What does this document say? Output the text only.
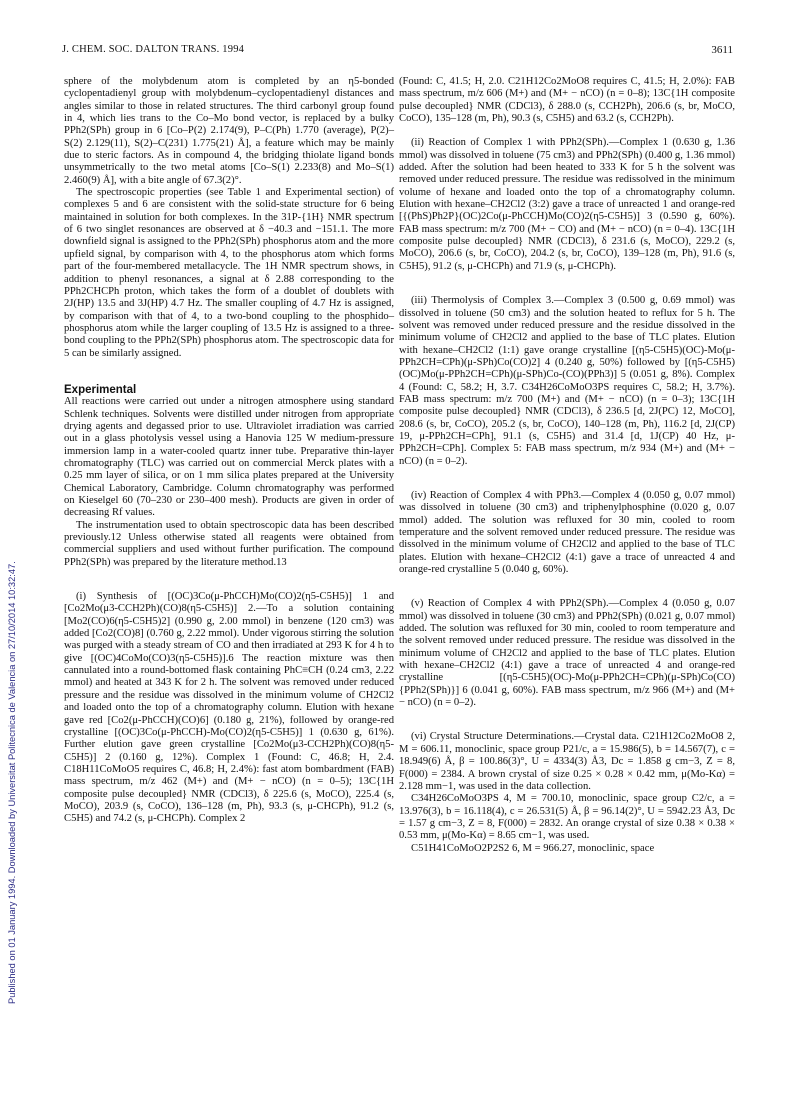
J. CHEM. SOC. DALTON TRANS. 1994	3611
Published on 01 January 1994. Downloaded by Universitat Politecnica de Valencia on 27/10/2014 10:32:47.

sphere of the molybdenum atom is completed by an η5-bonded cyclopentadienyl group with molybdenum–cyclopentadienyl distances and angles similar to those in related structures. The third carbonyl group found in 4, which lies trans to the Co–Mo bond vector, is replaced by a bulky PPh2(SPh) group in 6 [Co–P(2) 2.174(9), P–C(Ph) 1.770 (average), P(2)–S(2) 2.129(11), S(2)–C(231) 1.775(21) Å], a feature which may be mainly due to steric factors. As in compound 4, the bridging thiolate ligand bonds unsymmetrically to the two metal atoms [Co–S(1) 2.233(8) and Mo–S(1) 2.460(9) Å], with a bite angle of 67.3(2)°.

The spectroscopic properties (see Table 1 and Experimental section) of complexes 5 and 6 are consistent with the solid-state structure for 6 being maintained in solution for both complexes. In the 31P-{1H} NMR spectrum of 6 two singlet resonances are observed at δ −40.3 and −151.1. The more downfield signal is assigned to the PPh2(SPh) phosphorus atom and the more upfield signal, by comparison with 4, to the phosphorus atom which forms part of the four-membered metallacycle. The 1H NMR spectrum shows, in addition to phenyl resonances, a signal at δ 2.88 corresponding to the PPh2CHCPh proton, which takes the form of a doublet of doublets with 2J(HP) 13.5 and 3J(HP) 4.7 Hz. The smaller coupling of 4.7 Hz is assigned, by comparison with that of 4, to a two-bond coupling to the phosphido–phosphorus atom while the larger coupling of 13.5 Hz is assigned to a three-bond coupling to the PPh2(SPh) phosphorus atom. The spectroscopic data for 5 can be similarly assigned.

Experimental

All reactions were carried out under a nitrogen atmosphere using standard Schlenk techniques. Solvents were distilled under nitrogen from appropriate drying agents and degassed prior to use. Ultraviolet irradiation was carried out in a glass photolysis vessel using a Hanovia 125 W medium-pressure immersion lamp in a water-cooled quartz inner tube. Preparative thin-layer chromatography (TLC) was carried out on commercial Merck plates with a 0.25 mm layer of silica, or on 1 mm silica plates prepared at the University Chemical Laboratory, Cambridge. Column chromatography was performed on Kieselgel 60 (70–230 or 230–400 mesh). Products are given in order of decreasing Rf values.

The instrumentation used to obtain spectroscopic data has been described previously.12 Unless otherwise stated all reagents were obtained from commercial suppliers and used without further purification. The compound PPh2(SPh) was prepared by the literature method.13

(i) Synthesis of [(OC)3Co(μ-PhCCH)Mo(CO)2(η5-C5H5)] 1 and [Co2Mo(μ3-CCH2Ph)(CO)8(η5-C5H5)] 2.—To a solution containing [Mo2(CO)6(η5-C5H5)2] (0.990 g, 2.00 mmol) in benzene (120 cm3) was added [Co2(CO)8] (0.760 g, 2.22 mmol). Under vigorous stirring the solution was purged with a steady stream of CO and then irradiated at 293 K for 4 h to give [(OC)4CoMo(CO)3(η5-C5H5)].6 The reaction mixture was then cannulated into a round-bottomed flask containing PhC≡CH (0.24 cm3, 2.22 mmol) and heated at 343 K for 2 h. The solvent was removed under reduced pressure and the residue was dissolved in the minimum volume of CH2Cl2 and loaded onto the top of a chromatography column. Elution with hexane gave red [Co2(μ-PhCCH)(CO)6] (0.180 g, 21%), followed by orange-red crystalline [(OC)3Co(μ-PhCCH)-Mo(CO)2(η5-C5H5)] 1 (0.630 g, 61%). Further elution gave green crystalline [Co2Mo(μ3-CCH2Ph)(CO)8(η5-C5H5)] 2 (0.160 g, 12%). Complex 1 (Found: C, 46.8; H, 2.4. C18H11CoMoO5 requires C, 46.8; H, 2.4%): fast atom bombardment (FAB) mass spectrum, m/z 462 (M+) and (M+ − nCO) (n = 0–5); 13C{1H composite pulse decoupled} NMR (CDCl3), δ 225.6 (s, MoCO), 225.4 (s, MoCO), 203.9 (s, CoCO), 136–128 (m, Ph), 93.3 (s, μ-CHCPh), 91.2 (s, C5H5) and 74.2 (s, μ-CHCPh). Complex 2

(Found: C, 41.5; H, 2.0. C21H12Co2MoO8 requires C, 41.5; H, 2.0%): FAB mass spectrum, m/z 606 (M+) and (M+ − nCO) (n = 0–8); 13C{1H composite pulse decoupled} NMR (CDCl3), δ 288.0 (s, CCH2Ph), 206.6 (s, br, MoCO, CoCO), 135–128 (m, Ph), 90.3 (s, C5H5) and 63.2 (s, CCH2Ph).

(ii) Reaction of Complex 1 with PPh2(SPh).—Complex 1 (0.630 g, 1.36 mmol) was dissolved in toluene (75 cm3) and PPh2(SPh) (0.400 g, 1.36 mmol) added. After the solution had been heated to 333 K for 5 h the solvent was removed under reduced pressure. The residue was redissolved in the minimum volume of hexane and loaded onto the top of a chromatography column. Elution with hexane–CH2Cl2 (3:2) gave a trace of unreacted 1 and orange-red [{(PhS)Ph2P}(OC)2Co(μ-PhCCH)Mo(CO)2(η5-C5H5)] 3 (0.590 g, 60%). FAB mass spectrum: m/z 700 (M+ − CO) and (M+ − nCO) (n = 0–4). 13C{1H composite pulse decoupled} NMR (CDCl3), δ 231.6 (s, MoCO), 229.2 (s, MoCO), 206.6 (s, br, CoCO), 204.2 (s, br, CoCO), 139–128 (m, Ph), 91.6 (s, C5H5), 91.2 (s, μ-CHCPh) and 71.9 (s, μ-CHCPh).

(iii) Thermolysis of Complex 3.—Complex 3 (0.500 g, 0.69 mmol) was dissolved in toluene (50 cm3) and the solution heated to reflux for 5 h. The solvent was removed under reduced pressure and the residue dissolved in the minimum volume of CH2Cl2 and applied to the base of TLC plates. Elution with hexane–CH2Cl2 (1:1) gave orange crystalline [(η5-C5H5)(OC)-Mo(μ-PPh2CH=CPh)(μ-SPh)Co(CO)2] 4 (0.240 g, 50%) followed by [(η5-C5H5)(OC)Mo(μ-PPh2CH=CPh)(μ-SPh)Co-(CO)(PPh3)] 5 (0.051 g, 8%). Complex 4 (Found: C, 58.2; H, 3.7. C34H26CoMoO3PS requires C, 58.2; H, 3.7%). FAB mass spectrum: m/z 700 (M+) and (M+ − nCO) (n = 0–3); 13C{1H composite pulse decoupled} NMR (CDCl3), δ 236.5 [d, 2J(PC) 12, MoCO], 208.6 (s, br, CoCO), 205.2 (s, br, CoCO), 140–128 (m, Ph), 116.2 [d, 2J(CP) 19, μ-PPh2CH=CPh], 91.1 (s, C5H5) and 31.4 [d, 1J(CP) 40 Hz, μ-PPh2CH=CPh]. Complex 5: FAB mass spectrum, m/z 934 (M+) and (M+ − nCO) (n = 0–2).

(iv) Reaction of Complex 4 with PPh3.—Complex 4 (0.050 g, 0.07 mmol) was dissolved in toluene (30 cm3) and triphenylphosphine (0.020 g, 0.07 mmol) added. The solution was refluxed for 30 min, cooled to room temperature and the solvent removed under reduced pressure. The residue was dissolved in the minimum volume of CH2Cl2 and applied to the base of TLC plates. Elution with hexane–CH2Cl2 (4:1) gave a trace of unreacted 4 and orange-red crystalline 5 (0.040 g, 60%).

(v) Reaction of Complex 4 with PPh2(SPh).—Complex 4 (0.050 g, 0.07 mmol) was dissolved in toluene (30 cm3) and PPh2(SPh) (0.021 g, 0.07 mmol) added. The solution was refluxed for 30 min, cooled to room temperature and the solvent removed under reduced pressure. The residue was dissolved in the minimum volume of CH2Cl2 and applied to the base of TLC plates. Elution with hexane–CH2Cl2 (4:1) gave a trace of unreacted 4 and orange-red crystalline [(η5-C5H5)(OC)-Mo(μ-PPh2CH=CPh)(μ-SPh)Co(CO){PPh2(SPh)}] 6 (0.041 g, 60%). FAB mass spectrum, m/z 966 (M+) and (M+ − nCO) (n = 0–2).

(vi) Crystal Structure Determinations.—Crystal data. C21H12Co2MoO8 2, M = 606.11, monoclinic, space group P21/c, a = 15.986(5), b = 14.567(7), c = 18.949(6) Å, β = 100.86(3)°, U = 4334(3) Å3, Dc = 1.858 g cm−3, Z = 8, F(000) = 2384. A brown crystal of size 0.25 × 0.28 × 0.42 mm, μ(Mo-Kα) = 2.128 mm−1, was used in the data collection.

C34H26CoMoO3PS 4, M = 700.10, monoclinic, space group C2/c, a = 13.976(3), b = 16.118(4), c = 26.531(5) Å, β = 96.14(2)°, U = 5942.23 Å3, Dc = 1.57 g cm−3, Z = 8, F(000) = 2832. An orange crystal of size 0.38 × 0.38 × 0.53 mm, μ(Mo-Kα) = 8.65 cm−1, was used.

C51H41CoMoO2P2S2 6, M = 966.27, monoclinic, space
